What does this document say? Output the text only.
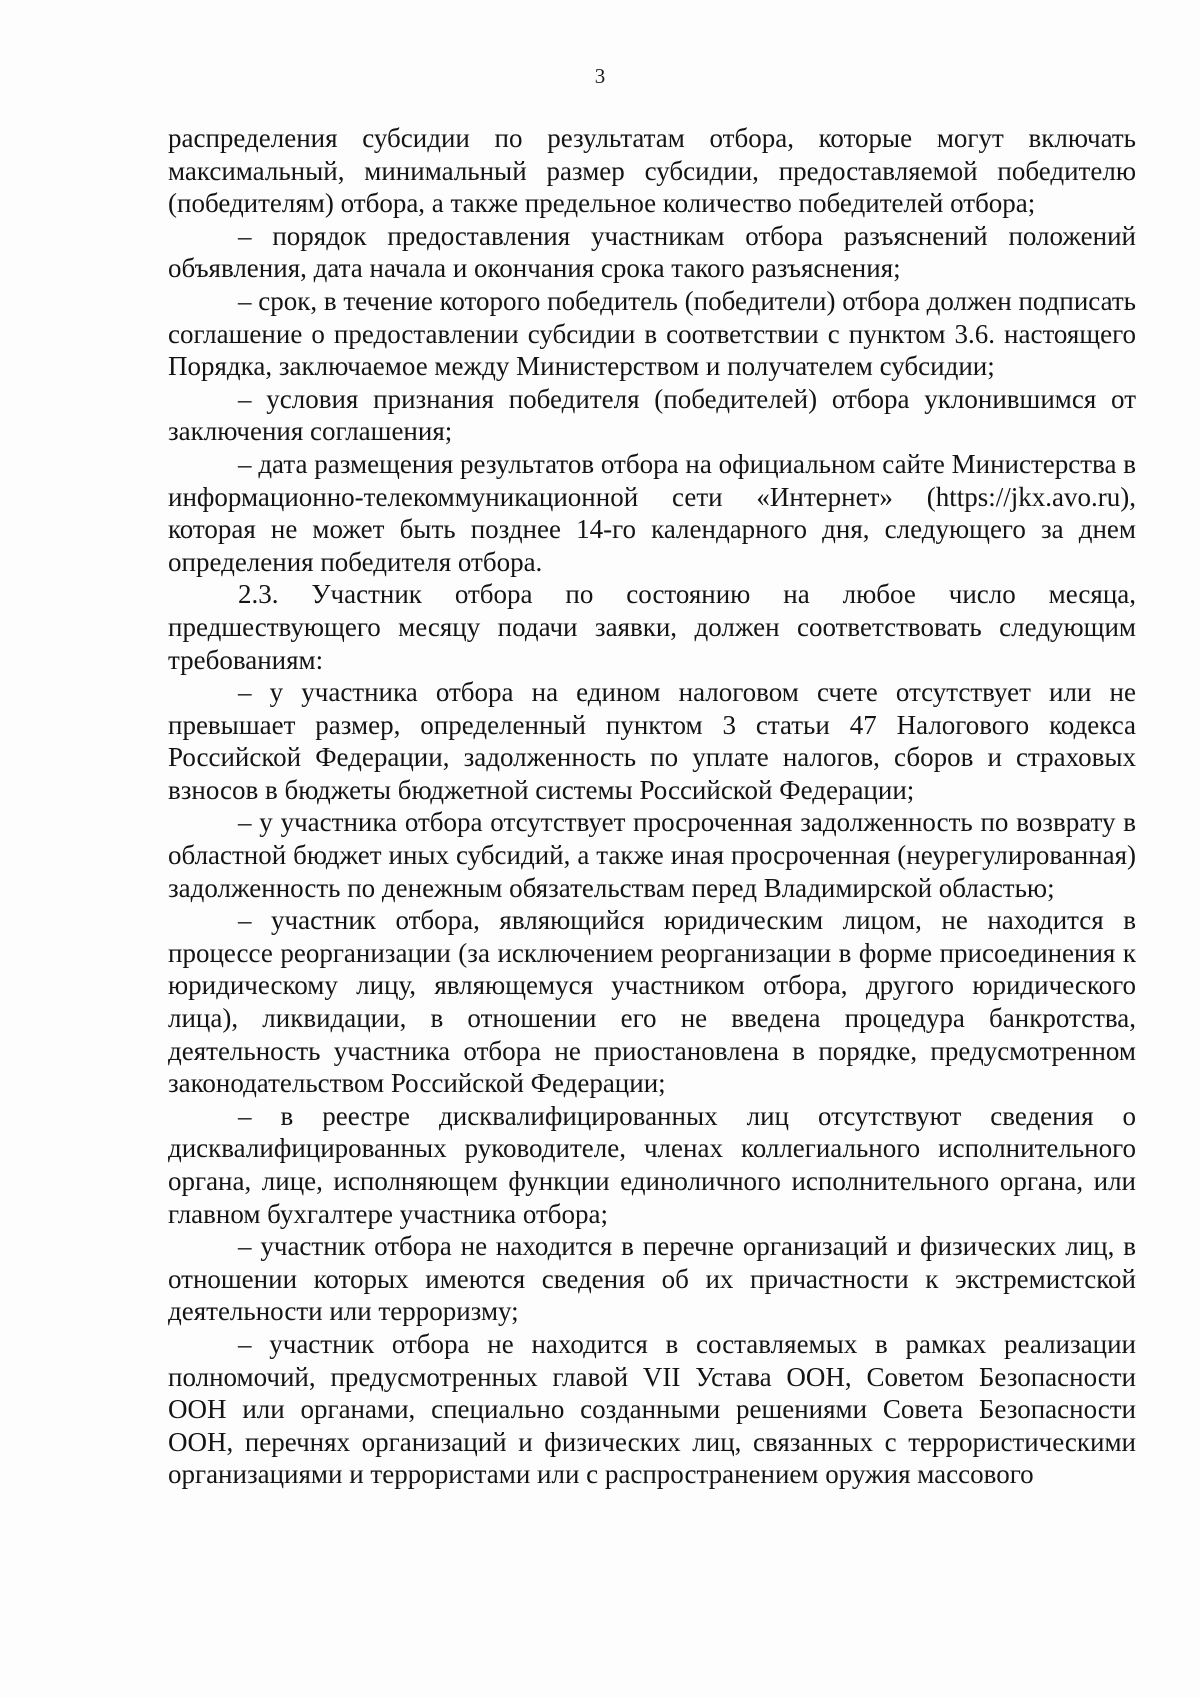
3

распределения субсидии по результатам отбора, которые могут включать максимальный, минимальный размер субсидии, предоставляемой победителю (победителям) отбора, а также предельное количество победителей отбора;

– порядок предоставления участникам отбора разъяснений положений объявления, дата начала и окончания срока такого разъяснения;

– срок, в течение которого победитель (победители) отбора должен подписать соглашение о предоставлении субсидии в соответствии с пунктом 3.6. настоящего Порядка, заключаемое между Министерством и получателем субсидии;

– условия признания победителя (победителей) отбора уклонившимся от заключения соглашения;

– дата размещения результатов отбора на официальном сайте Министерства в информационно-телекоммуникационной сети «Интернет» (https://jkx.avo.ru), которая не может быть позднее 14-го календарного дня, следующего за днем определения победителя отбора.

2.3. Участник отбора по состоянию на любое число месяца, предшествующего месяцу подачи заявки, должен соответствовать следующим требованиям:

– у участника отбора на едином налоговом счете отсутствует или не превышает размер, определенный пунктом 3 статьи 47 Налогового кодекса Российской Федерации, задолженность по уплате налогов, сборов и страховых взносов в бюджеты бюджетной системы Российской Федерации;

– у участника отбора отсутствует просроченная задолженность по возврату в областной бюджет иных субсидий, а также иная просроченная (неурегулированная) задолженность по денежным обязательствам перед Владимирской областью;

– участник отбора, являющийся юридическим лицом, не находится в процессе реорганизации (за исключением реорганизации в форме присоединения к юридическому лицу, являющемуся участником отбора, другого юридического лица), ликвидации, в отношении его не введена процедура банкротства, деятельность участника отбора не приостановлена в порядке, предусмотренном законодательством Российской Федерации;

– в реестре дисквалифицированных лиц отсутствуют сведения о дисквалифицированных руководителе, членах коллегиального исполнительного органа, лице, исполняющем функции единоличного исполнительного органа, или главном бухгалтере участника отбора;

– участник отбора не находится в перечне организаций и физических лиц, в отношении которых имеются сведения об их причастности к экстремистской деятельности или терроризму;

– участник отбора не находится в составляемых в рамках реализации полномочий, предусмотренных главой VII Устава ООН, Советом Безопасности ООН или органами, специально созданными решениями Совета Безопасности ООН, перечнях организаций и физических лиц, связанных с террористическими организациями и террористами или с распространением оружия массового
